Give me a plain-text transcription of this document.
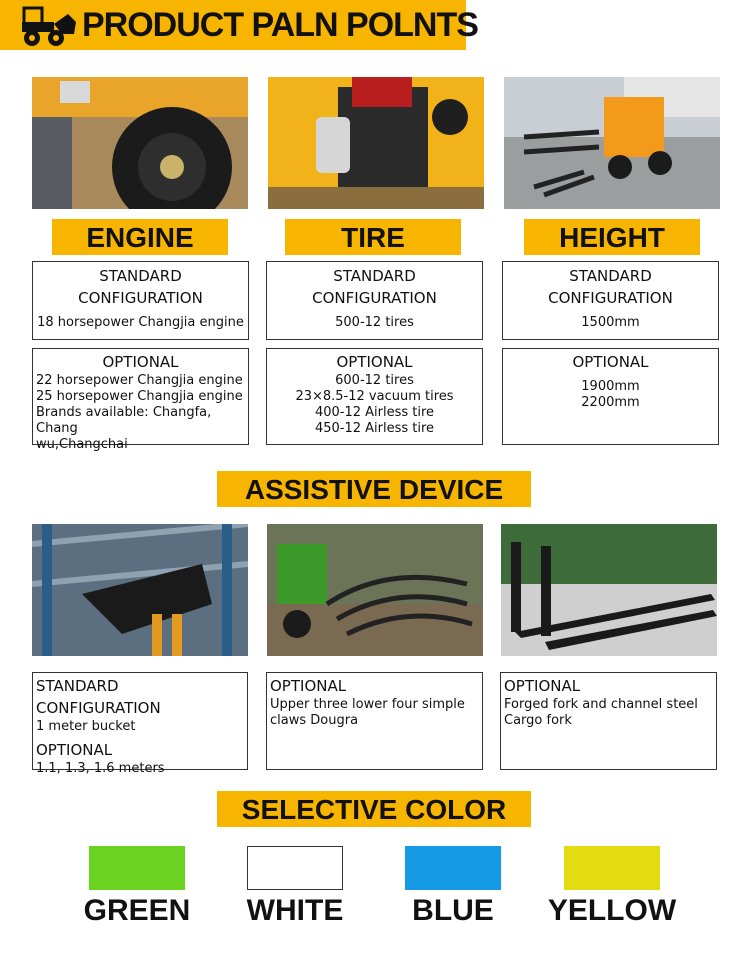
PRODUCT PALN POLNTS
ENGINE	TIRE	HEIGHT
STANDARD
CONFIGURATION
18 horsepower Changjia engine
STANDARD
CONFIGURATION
500-12 tires
STANDARD
CONFIGURATION
1500mm
OPTIONAL
22 horsepower Changjia engine
25 horsepower Changjia engine
Brands available: Changfa, Chang
wu,Changchai
OPTIONAL
600-12 tires
23×8.5-12 vacuum tires
400-12 Airless tire
450-12 Airless tire
OPTIONAL
1900mm
2200mm
ASSISTIVE DEVICE
STANDARD CONFIGURATION
1 meter bucket
OPTIONAL
1.1, 1.3, 1.6 meters
OPTIONAL
Upper three lower four simple
claws Dougra
OPTIONAL
Forged fork and channel steel
Cargo fork
SELECTIVE COLOR
GREEN	WHITE	BLUE	YELLOW
